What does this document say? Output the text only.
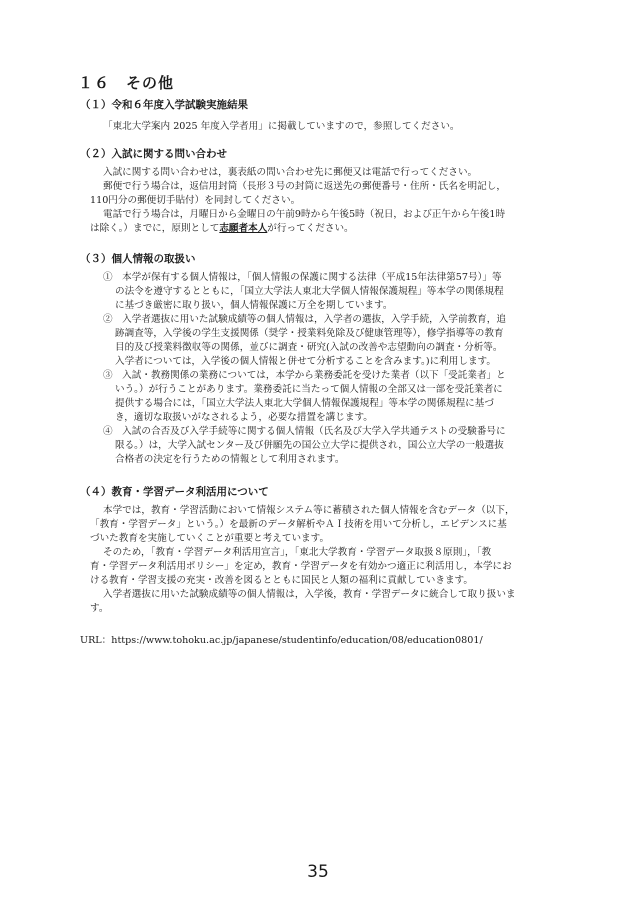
１６　その他
（１）令和６年度入学試験実施結果
「東北大学案内 2025 年度入学者用」に掲載していますので，参照してください。
（２）入試に関する問い合わせ
入試に関する問い合わせは，裏表紙の問い合わせ先に郵便又は電話で行ってください。
郵便で行う場合は，返信用封筒（長形３号の封筒に返送先の郵便番号・住所・氏名を明記し，
110円分の郵便切手貼付）を同封してください。
電話で行う場合は，月曜日から金曜日の午前9時から午後5時（祝日，および正午から午後1時
は除く。）までに，原則として志願者本人が行ってください。
（３）個人情報の取扱い
①　本学が保有する個人情報は，「個人情報の保護に関する法律（平成15年法律第57号）」等
の法令を遵守するとともに，「国立大学法人東北大学個人情報保護規程」等本学の関係規程
に基づき厳密に取り扱い，個人情報保護に万全を期しています。
②　入学者選抜に用いた試験成績等の個人情報は，入学者の選抜，入学手続，入学前教育，追
跡調査等，入学後の学生支援関係（奨学・授業料免除及び健康管理等），修学指導等の教育
目的及び授業料徴収等の関係，並びに調査・研究(入試の改善や志望動向の調査・分析等。
入学者については，入学後の個人情報と併せて分析することを含みます。)に利用します。
③　入試・教務関係の業務については，本学から業務委託を受けた業者（以下「受託業者」と
いう。）が行うことがあります。業務委託に当たって個人情報の全部又は一部を受託業者に
提供する場合には，「国立大学法人東北大学個人情報保護規程」等本学の関係規程に基づ
き，適切な取扱いがなされるよう，必要な措置を講じます。
④　入試の合否及び入学手続等に関する個人情報（氏名及び大学入学共通テストの受験番号に
限る。）は，大学入試センター及び併願先の国公立大学に提供され，国公立大学の一般選抜
合格者の決定を行うための情報として利用されます。
（４）教育・学習データ利活用について
本学では，教育・学習活動において情報システム等に蓄積された個人情報を含むデータ（以下，
「教育・学習データ」という。）を最新のデータ解析やＡＩ技術を用いて分析し，エビデンスに基
づいた教育を実施していくことが重要と考えています。
そのため，「教育・学習データ利活用宣言」，「東北大学教育・学習データ取扱８原則」，「教
育・学習データ利活用ポリシー」を定め，教育・学習データを有効かつ適正に利活用し，本学にお
ける教育・学習支援の充実・改善を図るとともに国民と人類の福利に貢献していきます。
入学者選抜に用いた試験成績等の個人情報は，入学後，教育・学習データに統合して取り扱いま
す。
URL：https://www.tohoku.ac.jp/japanese/studentinfo/education/08/education0801/
35
